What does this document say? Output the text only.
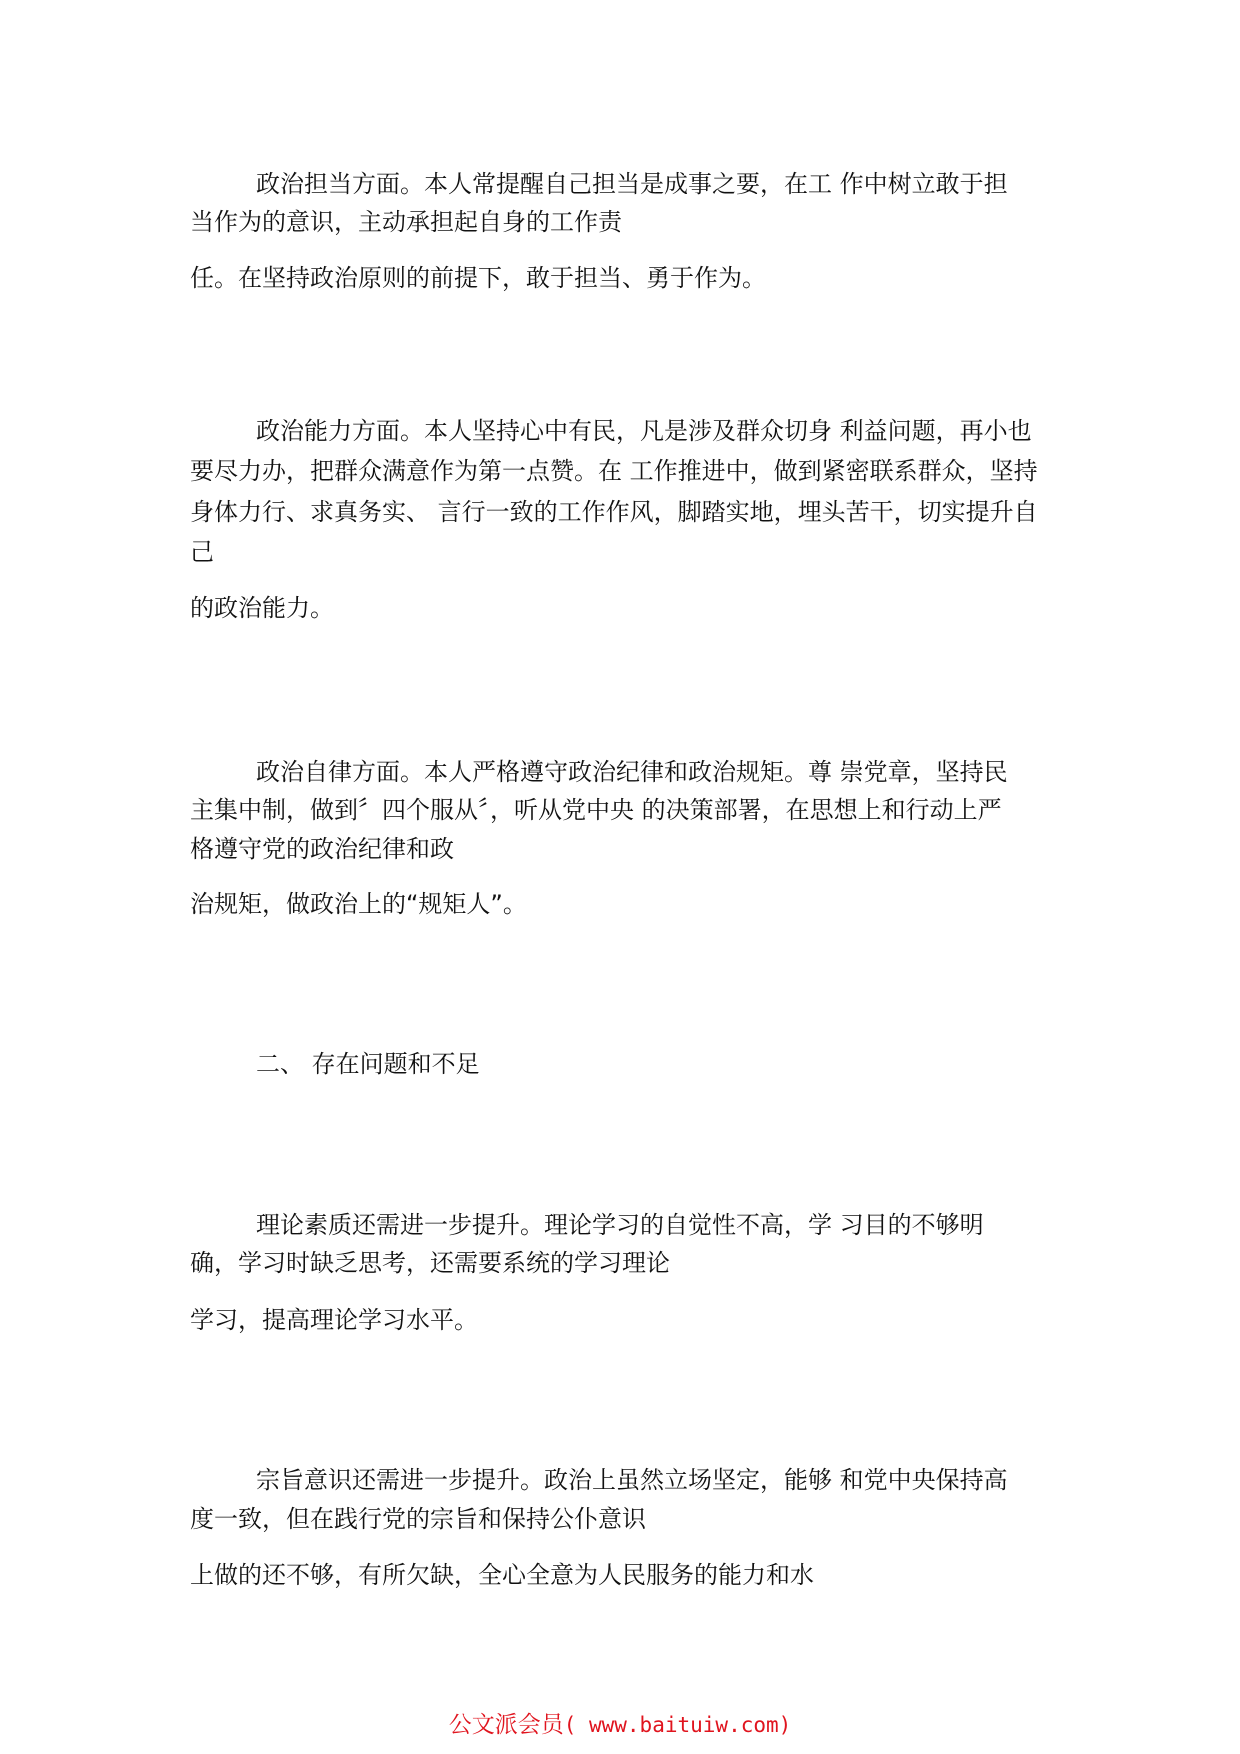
政治担当方面。本人常提醒自己担当是成事之要，在工 作中树立敢于担
当作为的意识，主动承担起自身的工作责
任。在坚持政治原则的前提下，敢于担当、勇于作为。
政治能力方面。本人坚持心中有民，凡是涉及群众切身 利益问题，再小也
要尽力办，把群众满意作为第一点赞。在 工作推进中，做到紧密联系群众，坚持
身体力行、求真务实、 言行一致的工作作风，脚踏实地，埋头苦干，切实提升自
己
的政治能力。
政治自律方面。本人严格遵守政治纪律和政治规矩。尊 崇党章，坚持民
主集中制，做到〞四个服从〞，听从党中央 的决策部署，在思想上和行动上严
格遵守党的政治纪律和政
治规矩，做政治上的“规矩人”。
二、 存在问题和不足
理论素质还需进一步提升。理论学习的自觉性不高，学 习目的不够明
确，学习时缺乏思考，还需要系统的学习理论
学习，提高理论学习水平。
宗旨意识还需进一步提升。政治上虽然立场坚定，能够 和党中央保持高
度一致，但在践行党的宗旨和保持公仆意识
上做的还不够，有所欠缺，全心全意为人民服务的能力和水
公文派会员( www.baituiw.com)
